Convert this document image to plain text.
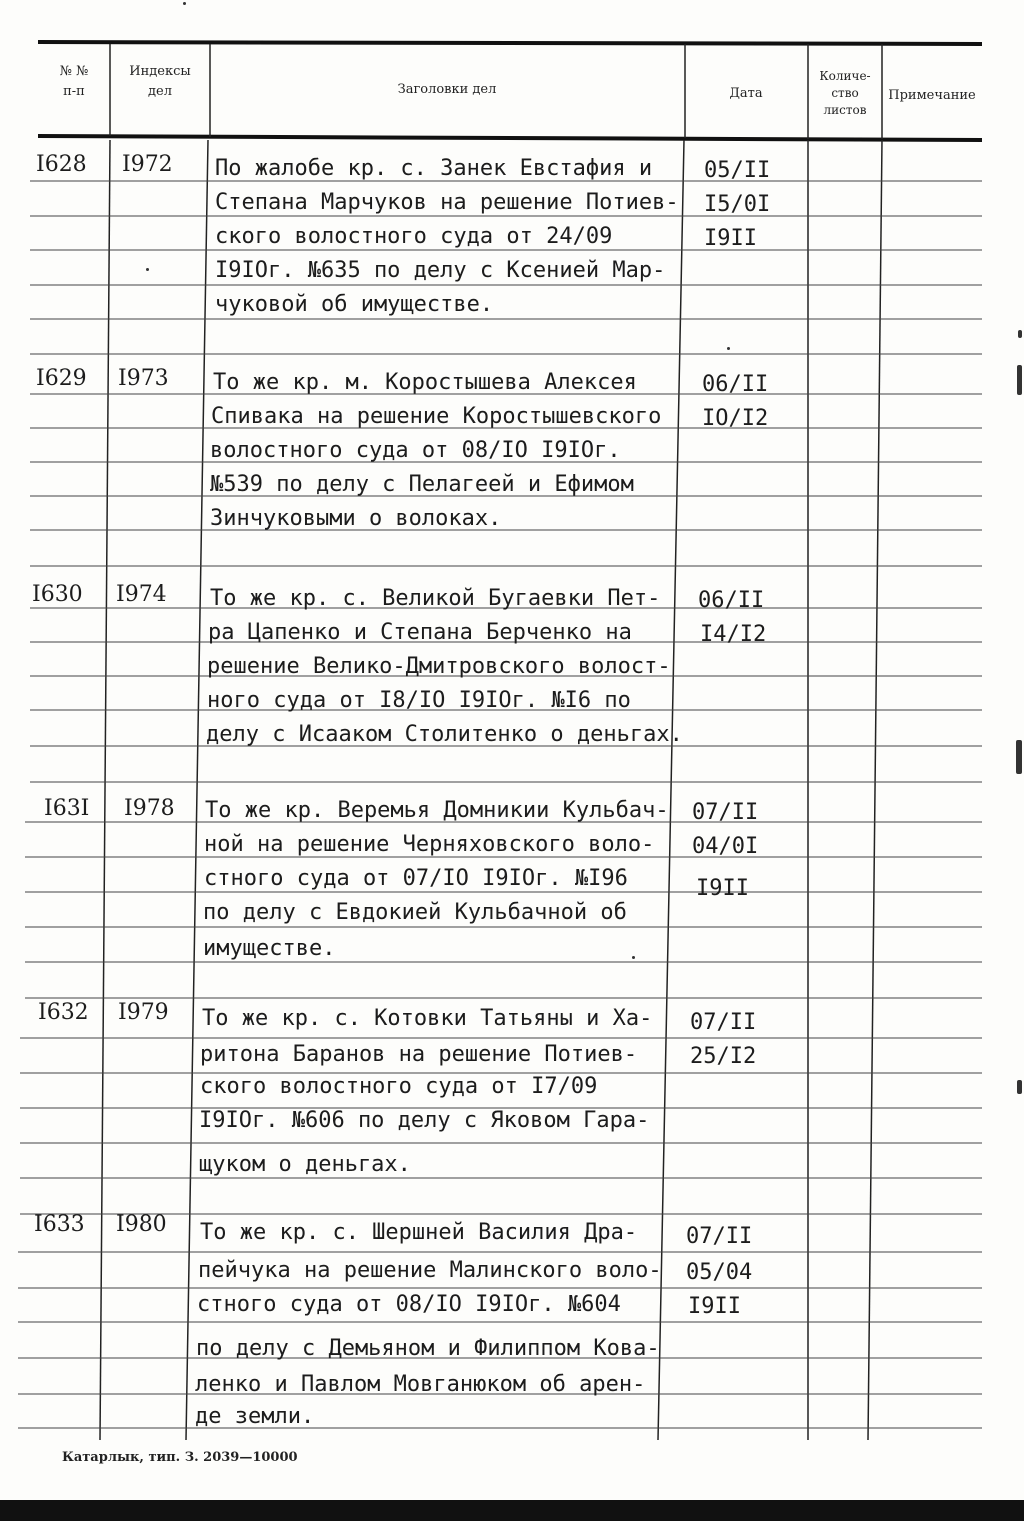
№ №
п-п
Индексы
дел	Заголовки дел	Дата
Количе-
ство
листов
Примечание
I628 I972 По жалобе кр. с. Занек Евстафия и
Степана Марчуков на решение Потиев-
ского волостного суда от 24/09
I9IOг. №635 по делу с Ксенией Мар-
чуковой об имуществе.
05/II
I5/0I
I9II
I629 I973 То же кр. м. Коростышева Алексея
Спивака на решение Коростышевского
волостного суда от 08/IO I9IOг.
№539 по делу с Пелагеей и Ефимом
Зинчуковыми о волоках.
06/II
IO/I2
I630 I974 То же кр. с. Великой Бугаевки Пет-
ра Цапенко и Степана Берченко на
решение Велико-Дмитровского волост-
ного суда от I8/IO I9IOг. №I6 по
делу с Исааком Столитенко о деньгах.
06/II
I4/I2
I63I I978 То же кр. Веремья Домникии Кульбач-
ной на решение Черняховского воло-
стного суда от 07/IO I9IOг. №I96
по делу с Евдокией Кульбачной об
имуществе.
07/II
04/0I
I9II
I632 I979 То же кр. с. Котовки Татьяны и Ха-
ритона Баранов на решение Потиев-
ского волостного суда от I7/09
I9IOг. №606 по делу с Яковом Гара-
щуком о деньгах.
07/II
25/I2
I633 I980 То же кр. с. Шершней Василия Дра-
пейчука на решение Малинского воло-
стного суда от 08/IO I9IOг. №604
по делу с Демьяном и Филиппом Кова-
ленко и Павлом Мовганюком об арен-
де земли.
07/II
05/04
I9II
Катарлык, тип. З. 2039—10000
